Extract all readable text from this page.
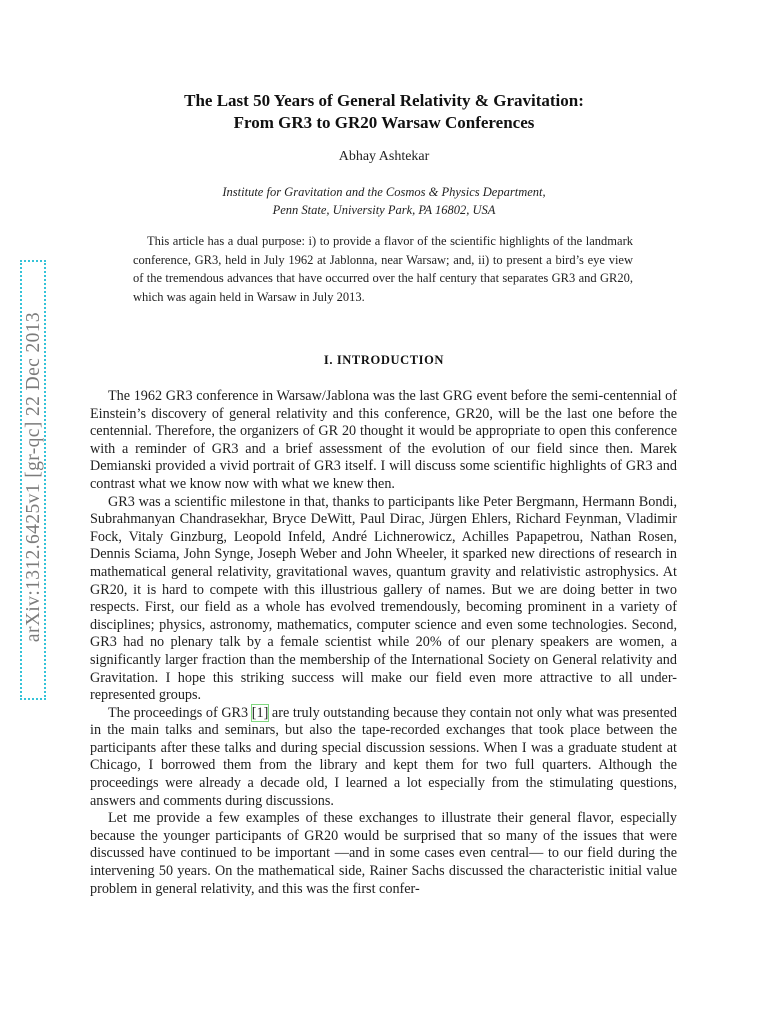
arXiv:1312.6425v1 [gr-qc] 22 Dec 2013
The Last 50 Years of General Relativity & Gravitation:
From GR3 to GR20 Warsaw Conferences
Abhay Ashtekar
Institute for Gravitation and the Cosmos & Physics Department,
Penn State, University Park, PA 16802, USA
This article has a dual purpose: i) to provide a flavor of the scientific highlights of the landmark conference, GR3, held in July 1962 at Jablonna, near Warsaw; and, ii) to present a bird’s eye view of the tremendous advances that have occurred over the half century that separates GR3 and GR20, which was again held in Warsaw in July 2013.
I. INTRODUCTION

The 1962 GR3 conference in Warsaw/Jablona was the last GRG event before the semi-centennial of Einstein’s discovery of general relativity and this conference, GR20, will be the last one before the centennial. Therefore, the organizers of GR 20 thought it would be appropriate to open this conference with a reminder of GR3 and a brief assessment of the evolution of our field since then. Marek Demianski provided a vivid portrait of GR3 itself. I will discuss some scientific highlights of GR3 and contrast what we know now with what we knew then.

GR3 was a scientific milestone in that, thanks to participants like Peter Bergmann, Hermann Bondi, Subrahmanyan Chandrasekhar, Bryce DeWitt, Paul Dirac, Jürgen Ehlers, Richard Feynman, Vladimir Fock, Vitaly Ginzburg, Leopold Infeld, André Lichnerowicz, Achilles Papapetrou, Nathan Rosen, Dennis Sciama, John Synge, Joseph Weber and John Wheeler, it sparked new directions of research in mathematical general relativity, gravitational waves, quantum gravity and relativistic astrophysics. At GR20, it is hard to compete with this illustrious gallery of names. But we are doing better in two respects. First, our field as a whole has evolved tremendously, becoming prominent in a variety of disciplines; physics, astronomy, mathematics, computer science and even some technologies. Second, GR3 had no plenary talk by a female scientist while 20% of our plenary speakers are women, a significantly larger fraction than the membership of the International Society on General relativity and Gravitation. I hope this striking success will make our field even more attractive to all under-represented groups.

The proceedings of GR3 [1] are truly outstanding because they contain not only what was presented in the main talks and seminars, but also the tape-recorded exchanges that took place between the participants after these talks and during special discussion sessions. When I was a graduate student at Chicago, I borrowed them from the library and kept them for two full quarters. Although the proceedings were already a decade old, I learned a lot especially from the stimulating questions, answers and comments during discussions.

Let me provide a few examples of these exchanges to illustrate their general flavor, especially because the younger participants of GR20 would be surprised that so many of the issues that were discussed have continued to be important —and in some cases even central— to our field during the intervening 50 years. On the mathematical side, Rainer Sachs discussed the characteristic initial value problem in general relativity, and this was the first confer-
